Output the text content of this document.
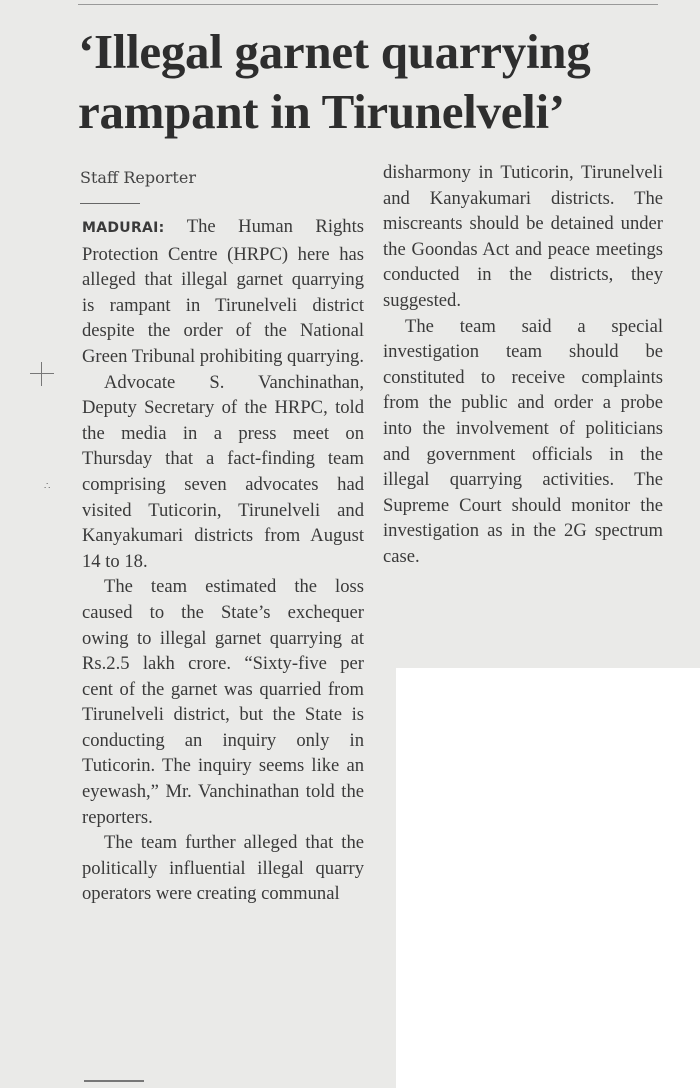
‘Illegal garnet quarrying
rampant in Tirunelveli’
Staff Reporter

MADURAI: The Human Rights Protection Centre (HRPC) here has alleged that illegal garnet quarrying is rampant in Tirunelveli district despite the order of the National Green Tribunal prohibiting quarrying.

Advocate S. Vanchinathan, Deputy Secretary of the HRPC, told the media in a press meet on Thursday that a fact-finding team comprising seven advocates had visited Tuticorin, Tirunelveli and Kanyakumari districts from August 14 to 18.

The team estimated the loss caused to the State’s exchequer owing to illegal garnet quarrying at Rs.2.5 lakh crore. “Sixty-five per cent of the garnet was quarried from Tirunelveli district, but the State is conducting an inquiry only in Tuticorin. The inquiry seems like an eyewash,” Mr. Vanchinathan told the reporters.

The team further alleged that the politically influential illegal quarry operators were creating communal

disharmony in Tuticorin, Tirunelveli and Kanyakumari districts. The miscreants should be detained under the Goondas Act and peace meetings conducted in the districts, they suggested.

The team said a special investigation team should be constituted to receive complaints from the public and order a probe into the involvement of politicians and government officials in the illegal quarrying activities. The Supreme Court should monitor the investigation as in the 2G spectrum case.

∴
